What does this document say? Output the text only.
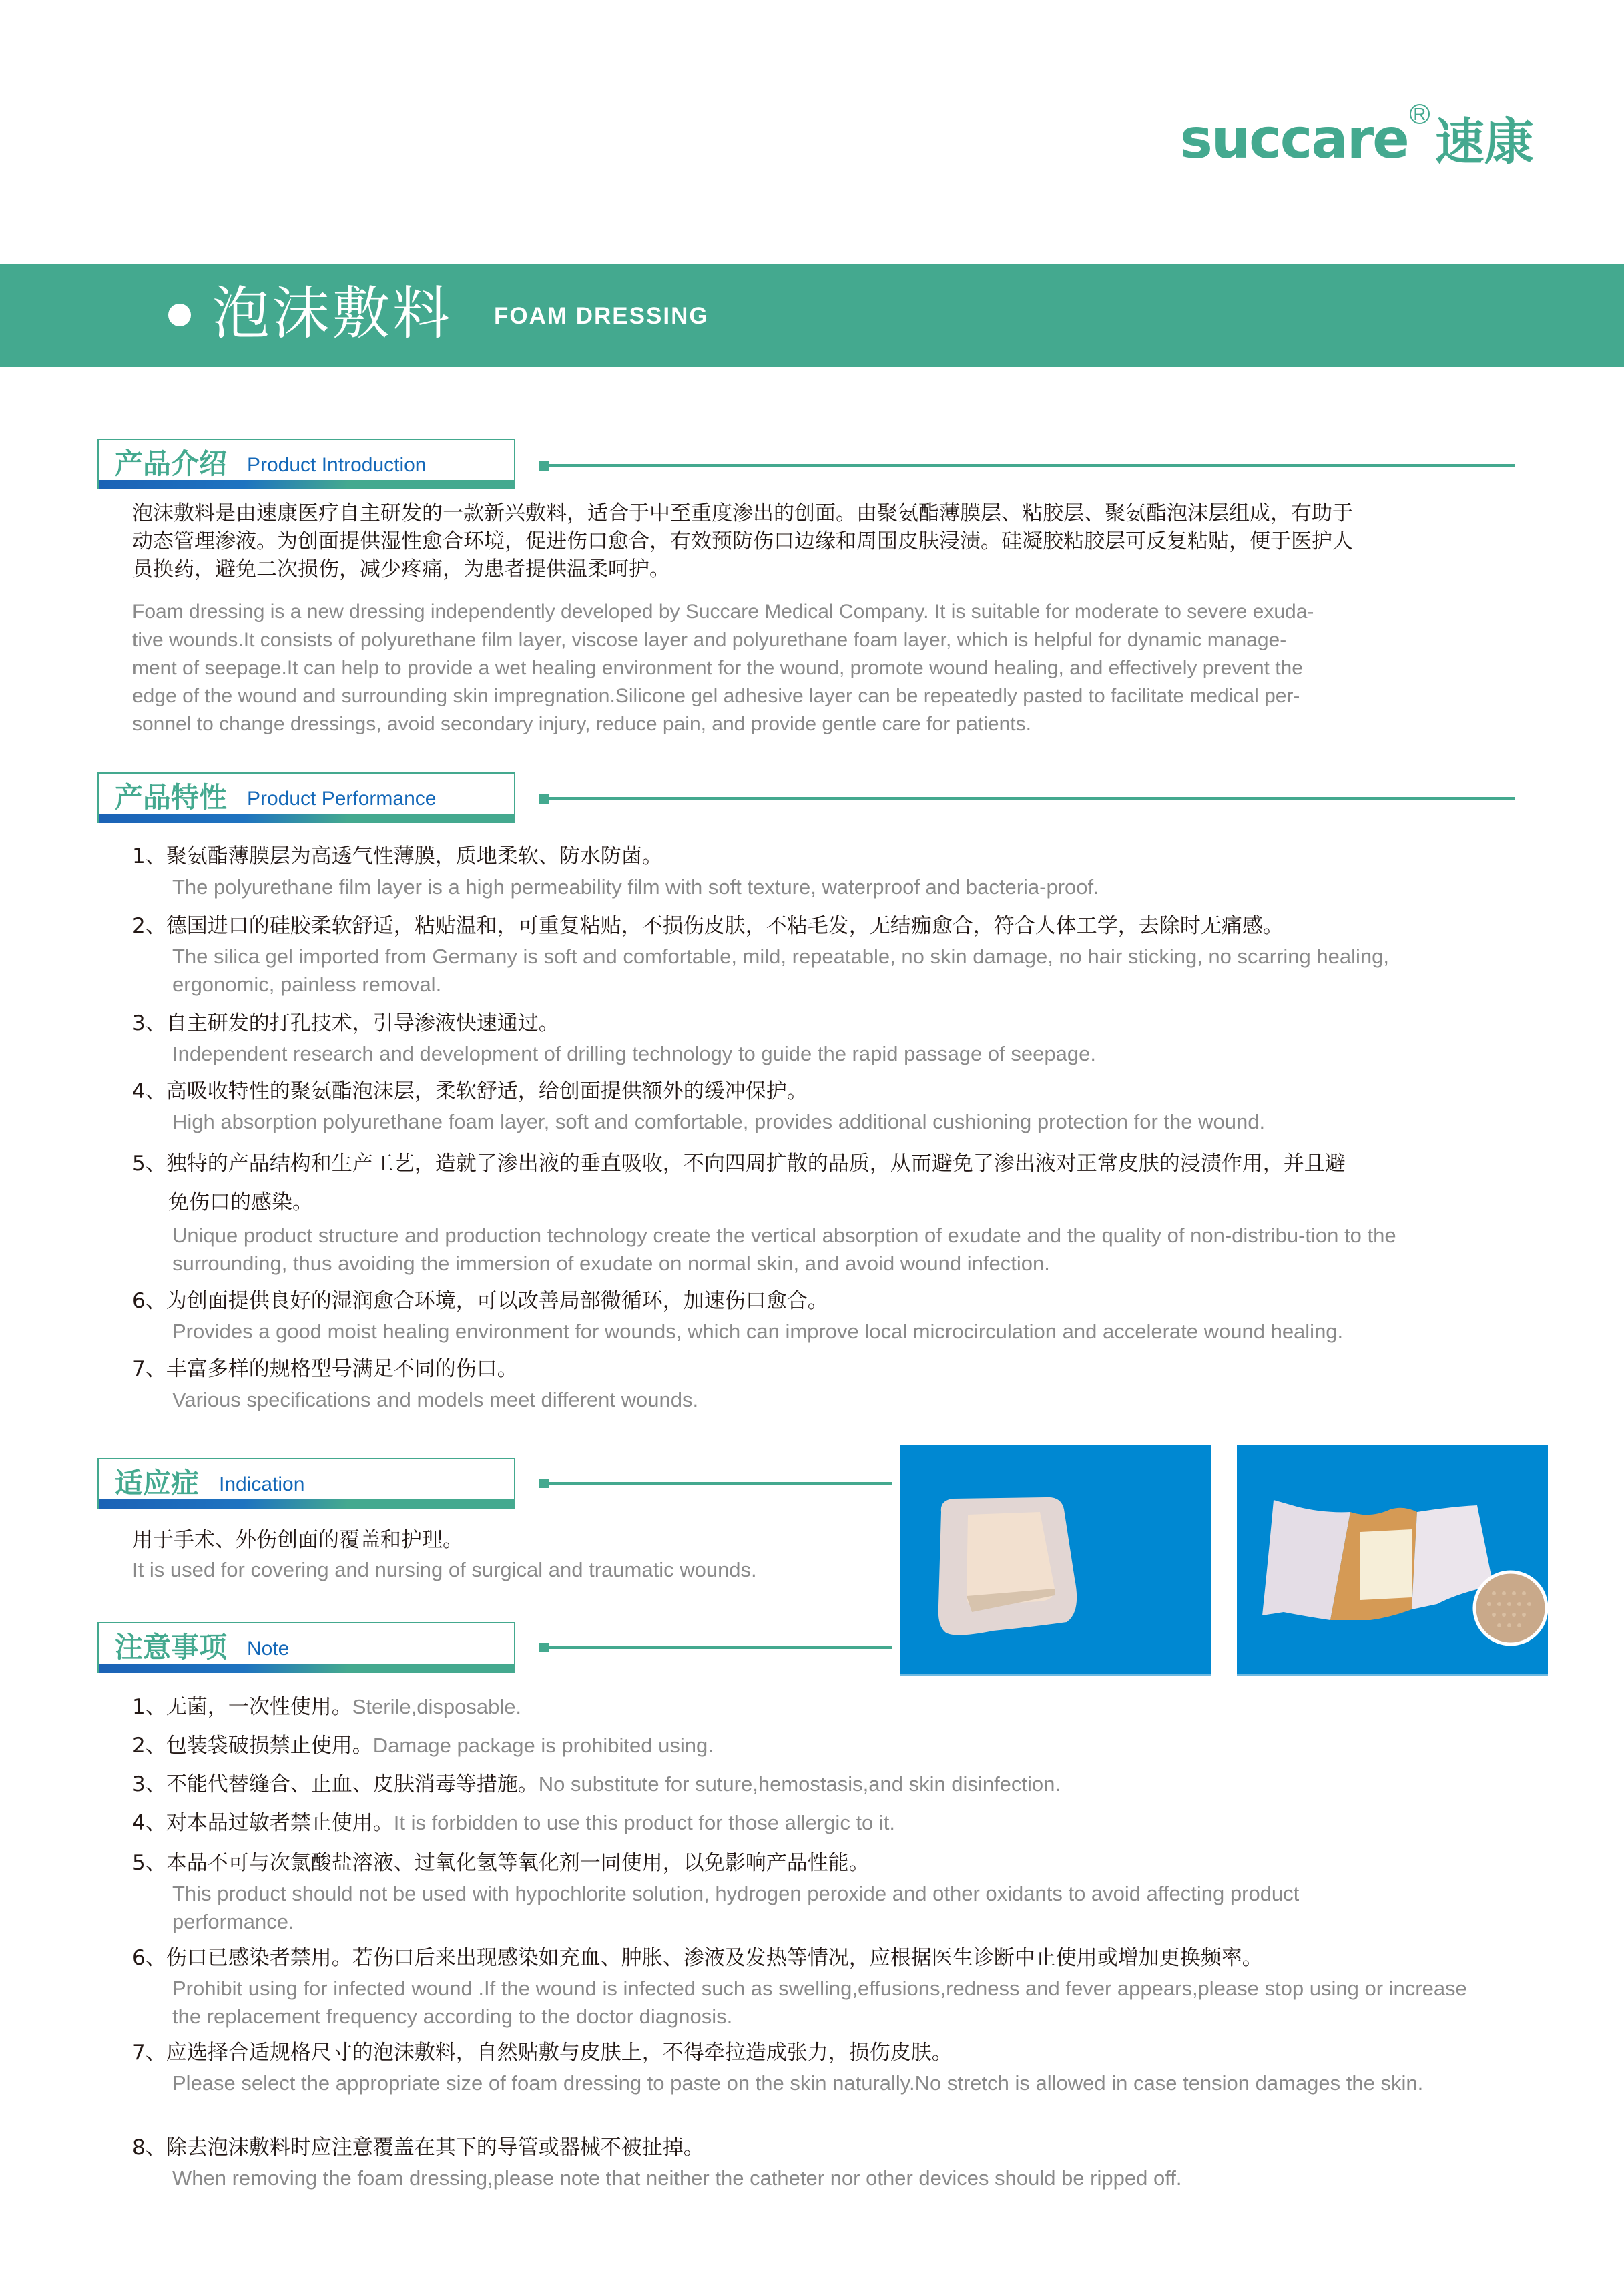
succare R 速康
泡沫敷料 FOAM DRESSING
产品介绍 Product Introduction
泡沫敷料是由速康医疗自主研发的一款新兴敷料，适合于中至重度渗出的创面。由聚氨酯薄膜层、粘胶层、聚氨酯泡沫层组成，有助于
动态管理渗液。为创面提供湿性愈合环境，促进伤口愈合，有效预防伤口边缘和周围皮肤浸渍。硅凝胶粘胶层可反复粘贴，便于医护人
员换药，避免二次损伤，减少疼痛，为患者提供温柔呵护。
Foam dressing is a new dressing independently developed by Succare Medical Company. It is suitable for moderate to severe exuda-
tive wounds.It consists of polyurethane film layer, viscose layer and polyurethane foam layer, which is helpful for dynamic manage-
ment of seepage.It can help to provide a wet healing environment for the wound, promote wound healing, and effectively prevent the
edge of the wound and surrounding skin impregnation.Silicone gel adhesive layer can be repeatedly pasted to facilitate medical per-
sonnel to change dressings, avoid secondary injury, reduce pain, and provide gentle care for patients.
产品特性 Product Performance
1、聚氨酯薄膜层为高透气性薄膜，质地柔软、防水防菌。
The polyurethane film layer is a high permeability film with soft texture, waterproof and bacteria-proof.
2、德国进口的硅胶柔软舒适，粘贴温和，可重复粘贴，不损伤皮肤，不粘毛发，无结痂愈合，符合人体工学，去除时无痛感。
The silica gel imported from Germany is soft and comfortable, mild, repeatable, no skin damage, no hair sticking, no scarring healing, ergonomic, painless removal.
3、自主研发的打孔技术，引导渗液快速通过。
Independent research and development of drilling technology to guide the rapid passage of seepage.
4、高吸收特性的聚氨酯泡沫层，柔软舒适，给创面提供额外的缓冲保护。
High absorption polyurethane foam layer, soft and comfortable, provides additional cushioning protection for the wound.
5、独特的产品结构和生产工艺，造就了渗出液的垂直吸收，不向四周扩散的品质，从而避免了渗出液对正常皮肤的浸渍作用，并且避
免伤口的感染。
Unique product structure and production technology create the vertical absorption of exudate and the quality of non-distribu-tion to the surrounding, thus avoiding the immersion of exudate on normal skin, and avoid wound infection.
6、为创面提供良好的湿润愈合环境，可以改善局部微循环，加速伤口愈合。
Provides a good moist healing environment for wounds, which can improve local microcirculation and accelerate wound healing.
7、丰富多样的规格型号满足不同的伤口。
Various specifications and models meet different wounds.
适应症 Indication
用于手术、外伤创面的覆盖和护理。
It is used for covering and nursing of surgical and traumatic wounds.
注意事项 Note
1、无菌，一次性使用。Sterile,disposable.
2、包装袋破损禁止使用。Damage package is prohibited using.
3、不能代替缝合、止血、皮肤消毒等措施。No substitute for suture,hemostasis,and skin disinfection.
4、对本品过敏者禁止使用。It is forbidden to use this product for those allergic to it.
5、本品不可与次氯酸盐溶液、过氧化氢等氧化剂一同使用，以免影响产品性能。
This product should not be used with hypochlorite solution, hydrogen peroxide and other oxidants to avoid affecting product performance.
6、伤口已感染者禁用。若伤口后来出现感染如充血、肿胀、渗液及发热等情况，应根据医生诊断中止使用或增加更换频率。
Prohibit using for infected wound .If the wound is infected such as swelling,effusions,redness and fever appears,please stop using or increase the replacement frequency according to the doctor diagnosis.
7、应选择合适规格尺寸的泡沫敷料，自然贴敷与皮肤上，不得牵拉造成张力，损伤皮肤。
Please select the appropriate size of foam dressing to paste on the skin naturally.No stretch is allowed in case tension damages the skin.
8、除去泡沫敷料时应注意覆盖在其下的导管或器械不被扯掉。
When removing the foam dressing,please note that neither the catheter nor other devices should be ripped off.
